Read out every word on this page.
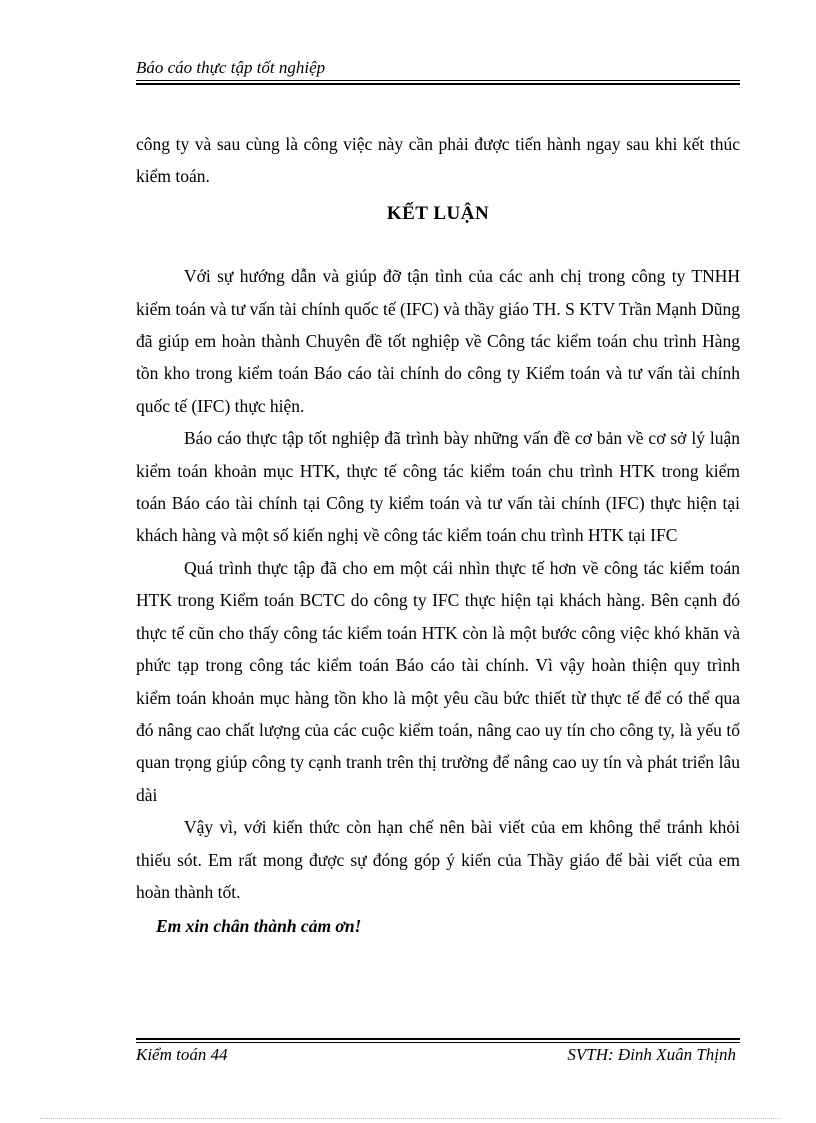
Báo cáo thực tập tốt nghiệp

công ty và sau cùng là công việc này cần phải được tiến hành ngay sau khi kết thúc kiểm toán.

KẾT LUẬN

Với sự hướng dẫn và giúp đỡ tận tình của các anh chị trong công ty TNHH kiểm toán và tư vấn tài chính quốc tế (IFC) và thầy giáo TH. S KTV Trần Mạnh Dũng đã giúp em hoàn thành Chuyên đề tốt nghiệp về Công tác kiểm toán chu trình Hàng tồn kho trong kiểm toán Báo cáo tài chính do công ty Kiểm toán và tư vấn tài chính quốc tế (IFC) thực hiện.

Báo cáo thực tập tốt nghiệp đã trình bày những vấn đề cơ bản về cơ sở lý luận kiểm toán khoản mục HTK, thực tế công tác kiểm toán chu trình HTK trong kiểm toán Báo cáo tài chính tại Công ty kiểm toán và tư vấn tài chính (IFC) thực hiện tại khách hàng và một số kiến nghị về công tác kiểm toán chu trình HTK tại IFC

Quá trình thực tập đã cho em một cái nhìn thực tế hơn về công tác kiểm toán HTK trong Kiểm toán BCTC do công ty IFC thực hiện tại khách hàng. Bên cạnh đó thực tế cũn cho thấy công tác kiểm toán HTK còn là một bước công việc khó khăn và phức tạp trong công tác kiểm toán Báo cáo tài chính. Vì vậy hoàn thiện quy trình kiểm toán khoản mục hàng tồn kho là một yêu cầu bức thiết từ thực tế để có thể qua đó nâng cao chất lượng của các cuộc kiểm toán, nâng cao uy tín cho công ty, là yếu tố quan trọng giúp công ty cạnh tranh trên thị trường để nâng cao uy tín và phát triển lâu dài

Vậy vì, với kiến thức còn hạn chế nên bài viết của em không thể tránh khỏi thiếu sót. Em rất mong được sự đóng góp ý kiến của Thầy giáo để bài viết của em hoàn thành tốt.

Em xin chân thành cảm ơn!

Kiểm toán 44	SVTH: Đinh Xuân Thịnh
